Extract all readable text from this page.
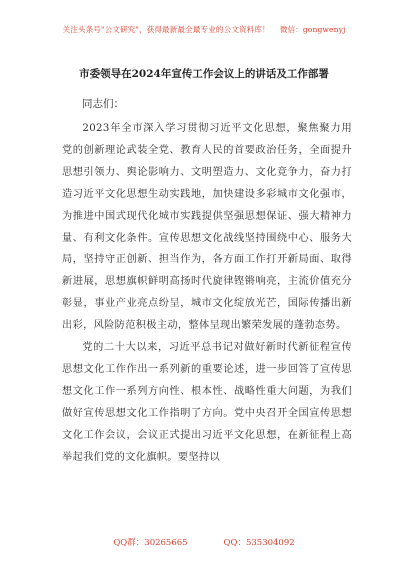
关注头条号"公文研究"，获得最新最全最专业的公文资料库！ 微信：gongwenyj
市委领导在2024年宣传工作会议上的讲话及工作部署
同志们：

2023年全市深入学习贯彻习近平文化思想，聚焦聚力用党的创新理论武装全党、教育人民的首要政治任务，全面提升思想引领力、舆论影响力、文明塑造力、文化竞争力，奋力打造习近平文化思想生动实践地，加快建设多彩城市文化强市，为推进中国式现代化城市实践提供坚强思想保证、强大精神力量、有利文化条件。宣传思想文化战线坚持围绕中心、服务大局，坚持守正创新、担当作为，各方面工作打开新局面、取得新进展，思想旗帜鲜明高扬时代旋律铿锵响亮，主流价值充分彰显，事业产业亮点纷呈，城市文化绽放光芒，国际传播出新出彩，风险防范积极主动，整体呈现出繁荣发展的蓬勃态势。

党的二十大以来，习近平总书记对做好新时代新征程宣传思想文化工作作出一系列新的重要论述，进一步回答了宣传思想文化工作一系列方向性、根本性、战略性重大问题，为我们做好宣传思想文化工作指明了方向。党中央召开全国宣传思想文化工作会议，会议正式提出习近平文化思想，在新征程上高举起我们党的文化旗帜。要坚持以

QQ群：30265665	QQ：535304092
